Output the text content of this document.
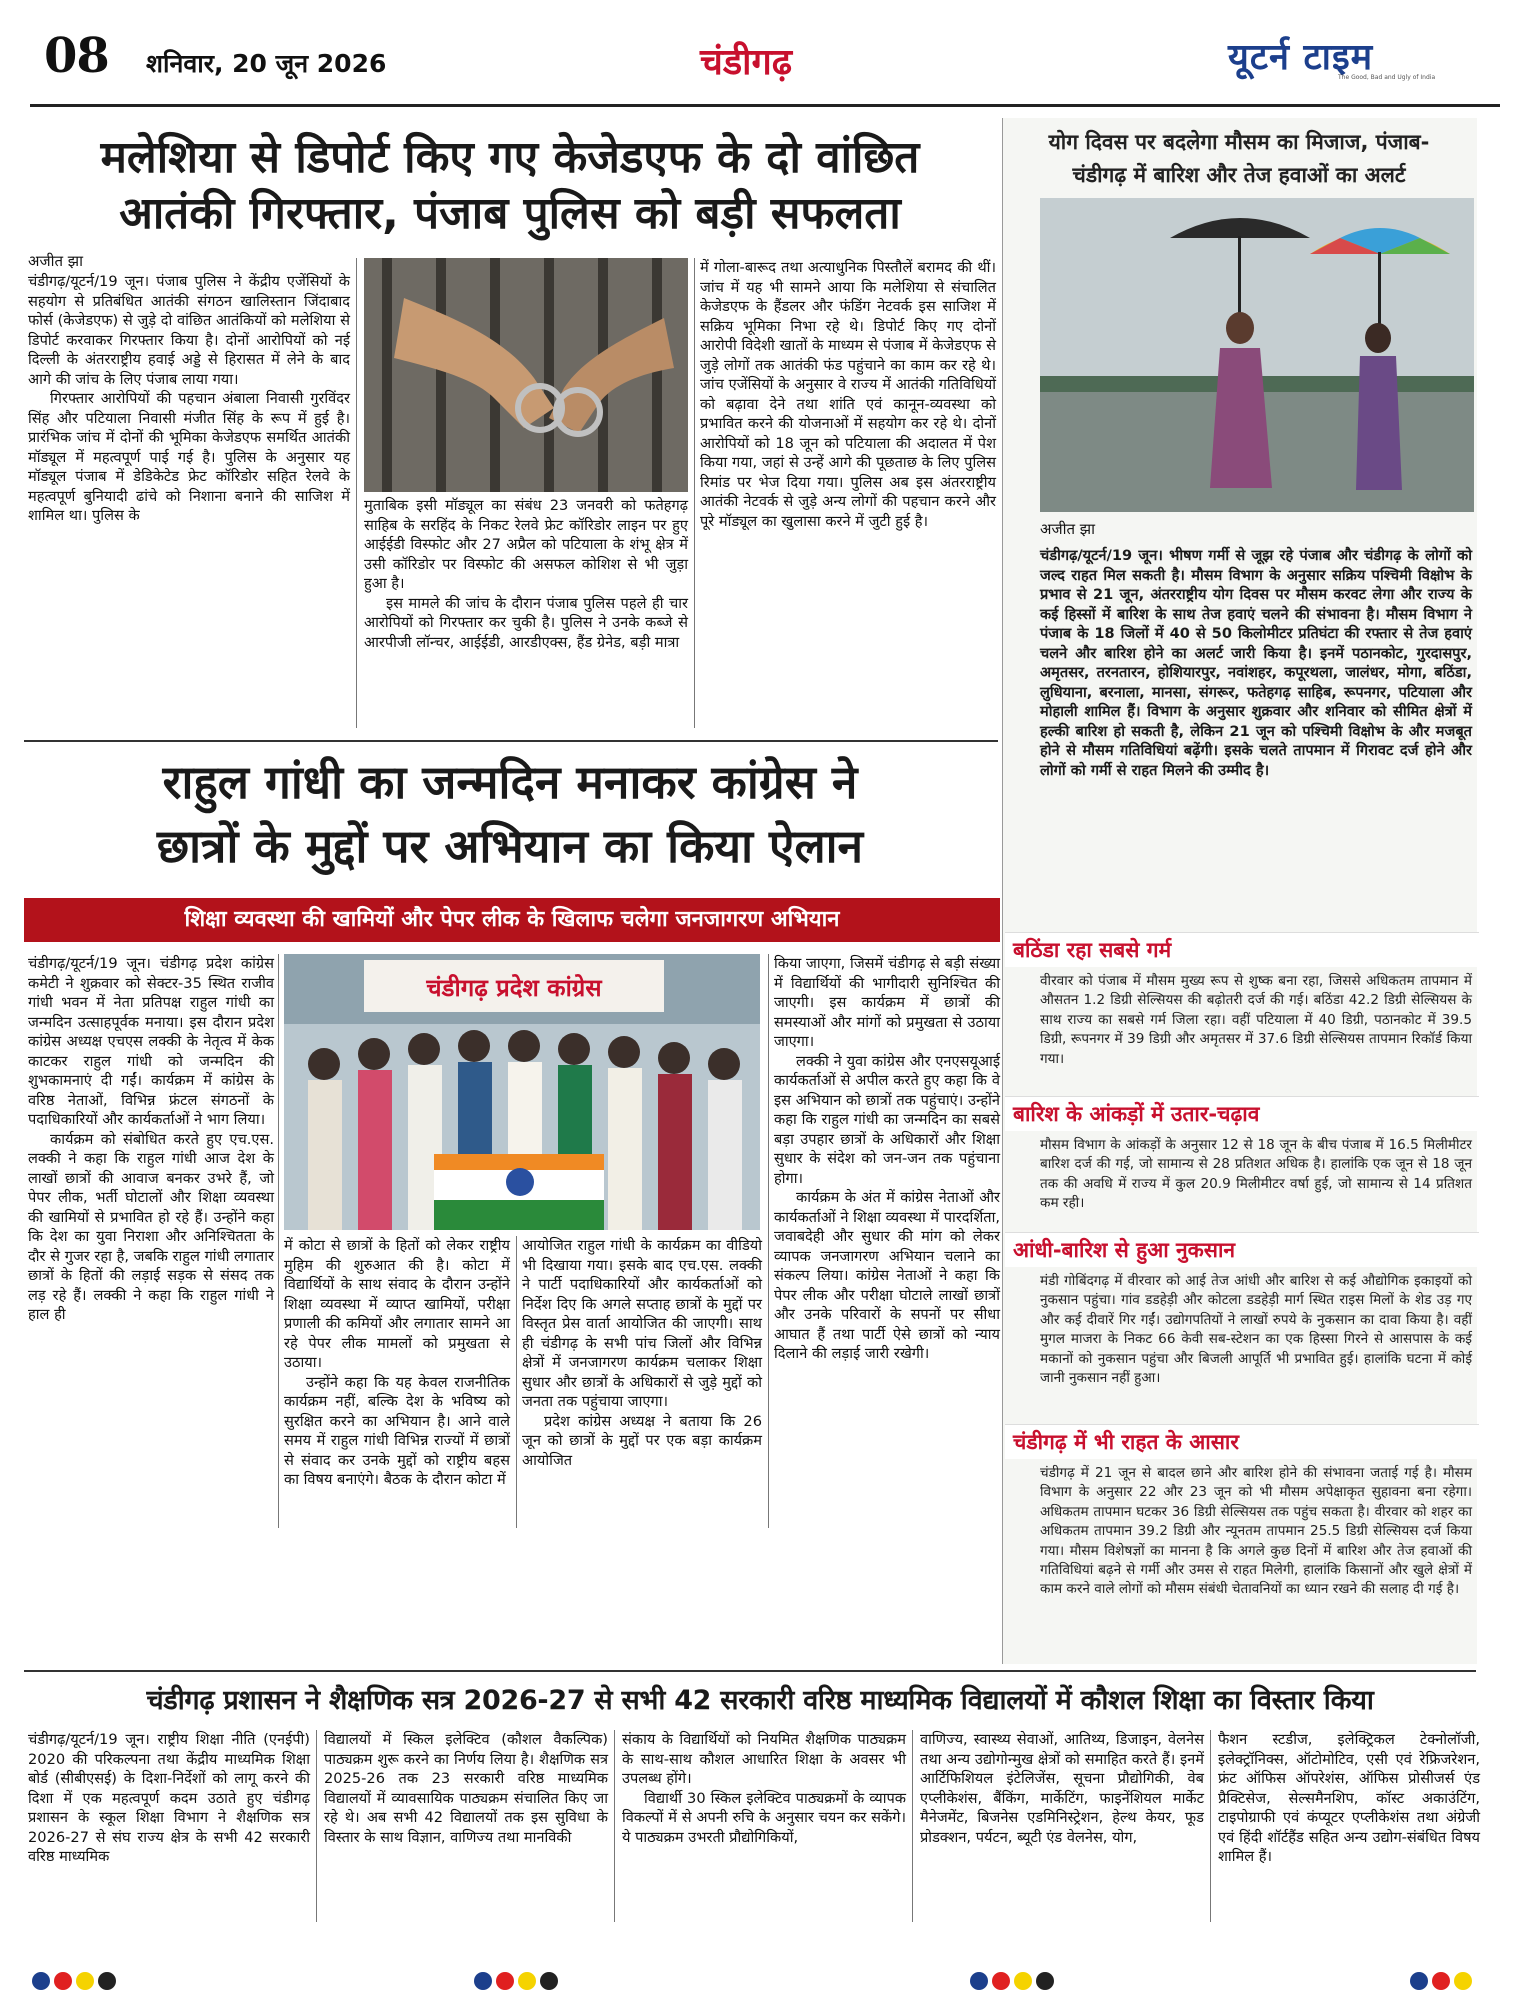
08 शनिवार, 20 जून 2026	चंडीगढ़	यूटर्न टाइम
The Good, Bad and Ugly of India
मलेशिया से डिपोर्ट किए गए केजेडएफ के दो वांछित
आतंकी गिरफ्तार, पंजाब पुलिस को बड़ी सफलता
अजीत झा

चंडीगढ़/यूटर्न/19 जून। पंजाब पुलिस ने केंद्रीय एजेंसियों के सहयोग से प्रतिबंधित आतंकी संगठन खालिस्तान जिंदाबाद फोर्स (केजेडएफ) से जुड़े दो वांछित आतंकियों को मलेशिया से डिपोर्ट करवाकर गिरफ्तार किया है। दोनों आरोपियों को नई दिल्ली के अंतरराष्ट्रीय हवाई अड्डे से हिरासत में लेने के बाद आगे की जांच के लिए पंजाब लाया गया।

गिरफ्तार आरोपियों की पहचान अंबाला निवासी गुरविंदर सिंह और पटियाला निवासी मंजीत सिंह के रूप में हुई है। प्रारंभिक जांच में दोनों की भूमिका केजेडएफ समर्थित आतंकी मॉड्यूल में महत्वपूर्ण पाई गई है। पुलिस के अनुसार यह मॉड्यूल पंजाब में डेडिकेटेड फ्रेट कॉरिडोर सहित रेलवे के महत्वपूर्ण बुनियादी ढांचे को निशाना बनाने की साजिश में शामिल था। पुलिस के

मुताबिक इसी मॉड्यूल का संबंध 23 जनवरी को फतेहगढ़ साहिब के सरहिंद के निकट रेलवे फ्रेट कॉरिडोर लाइन पर हुए आईईडी विस्फोट और 27 अप्रैल को पटियाला के शंभू क्षेत्र में उसी कॉरिडोर पर विस्फोट की असफल कोशिश से भी जुड़ा हुआ है।

इस मामले की जांच के दौरान पंजाब पुलिस पहले ही चार आरोपियों को गिरफ्तार कर चुकी है। पुलिस ने उनके कब्जे से आरपीजी लॉन्चर, आईईडी, आरडीएक्स, हैंड ग्रेनेड, बड़ी मात्रा

में गोला-बारूद तथा अत्याधुनिक पिस्तौलें बरामद की थीं। जांच में यह भी सामने आया कि मलेशिया से संचालित केजेडएफ के हैंडलर और फंडिंग नेटवर्क इस साजिश में सक्रिय भूमिका निभा रहे थे। डिपोर्ट किए गए दोनों आरोपी विदेशी खातों के माध्यम से पंजाब में केजेडएफ से जुड़े लोगों तक आतंकी फंड पहुंचाने का काम कर रहे थे। जांच एजेंसियों के अनुसार वे राज्य में आतंकी गतिविधियों को बढ़ावा देने तथा शांति एवं कानून-व्यवस्था को प्रभावित करने की योजनाओं में सहयोग कर रहे थे। दोनों आरोपियों को 18 जून को पटियाला की अदालत में पेश किया गया, जहां से उन्हें आगे की पूछताछ के लिए पुलिस रिमांड पर भेज दिया गया। पुलिस अब इस अंतरराष्ट्रीय आतंकी नेटवर्क से जुड़े अन्य लोगों की पहचान करने और पूरे मॉड्यूल का खुलासा करने में जुटी हुई है।

राहुल गांधी का जन्मदिन मनाकर कांग्रेस ने
छात्रों के मुद्दों पर अभियान का किया ऐलान
शिक्षा व्यवस्था की खामियों और पेपर लीक के खिलाफ चलेगा जनजागरण अभियान

चंडीगढ़/यूटर्न/19 जून। चंडीगढ़ प्रदेश कांग्रेस कमेटी ने शुक्रवार को सेक्टर-35 स्थित राजीव गांधी भवन में नेता प्रतिपक्ष राहुल गांधी का जन्मदिन उत्साहपूर्वक मनाया। इस दौरान प्रदेश कांग्रेस अध्यक्ष एचएस लक्की के नेतृत्व में केक काटकर राहुल गांधी को जन्मदिन की शुभकामनाएं दी गईं। कार्यक्रम में कांग्रेस के वरिष्ठ नेताओं, विभिन्न फ्रंटल संगठनों के पदाधिकारियों और कार्यकर्ताओं ने भाग लिया।

कार्यक्रम को संबोधित करते हुए एच.एस. लक्की ने कहा कि राहुल गांधी आज देश के लाखों छात्रों की आवाज बनकर उभरे हैं, जो पेपर लीक, भर्ती घोटालों और शिक्षा व्यवस्था की खामियों से प्रभावित हो रहे हैं। उन्होंने कहा कि देश का युवा निराशा और अनिश्चितता के दौर से गुजर रहा है, जबकि राहुल गांधी लगातार छात्रों के हितों की लड़ाई सड़क से संसद तक लड़ रहे हैं। लक्की ने कहा कि राहुल गांधी ने हाल ही

चंडीगढ़ प्रदेश कांग्रेस

में कोटा से छात्रों के हितों को लेकर राष्ट्रीय मुहिम की शुरुआत की है। कोटा में विद्यार्थियों के साथ संवाद के दौरान उन्होंने शिक्षा व्यवस्था में व्याप्त खामियों, परीक्षा प्रणाली की कमियों और लगातार सामने आ रहे पेपर लीक मामलों को प्रमुखता से उठाया।

उन्होंने कहा कि यह केवल राजनीतिक कार्यक्रम नहीं, बल्कि देश के भविष्य को सुरक्षित करने का अभियान है। आने वाले समय में राहुल गांधी विभिन्न राज्यों में छात्रों से संवाद कर उनके मुद्दों को राष्ट्रीय बहस का विषय बनाएंगे। बैठक के दौरान कोटा में

आयोजित राहुल गांधी के कार्यक्रम का वीडियो भी दिखाया गया। इसके बाद एच.एस. लक्की ने पार्टी पदाधिकारियों और कार्यकर्ताओं को निर्देश दिए कि अगले सप्ताह छात्रों के मुद्दों पर विस्तृत प्रेस वार्ता आयोजित की जाएगी। साथ ही चंडीगढ़ के सभी पांच जिलों और विभिन्न क्षेत्रों में जनजागरण कार्यक्रम चलाकर शिक्षा सुधार और छात्रों के अधिकारों से जुड़े मुद्दों को जनता तक पहुंचाया जाएगा।

प्रदेश कांग्रेस अध्यक्ष ने बताया कि 26 जून को छात्रों के मुद्दों पर एक बड़ा कार्यक्रम आयोजित

किया जाएगा, जिसमें चंडीगढ़ से बड़ी संख्या में विद्यार्थियों की भागीदारी सुनिश्चित की जाएगी। इस कार्यक्रम में छात्रों की समस्याओं और मांगों को प्रमुखता से उठाया जाएगा।

लक्की ने युवा कांग्रेस और एनएसयूआई कार्यकर्ताओं से अपील करते हुए कहा कि वे इस अभियान को छात्रों तक पहुंचाएं। उन्होंने कहा कि राहुल गांधी का जन्मदिन का सबसे बड़ा उपहार छात्रों के अधिकारों और शिक्षा सुधार के संदेश को जन-जन तक पहुंचाना होगा।

कार्यक्रम के अंत में कांग्रेस नेताओं और कार्यकर्ताओं ने शिक्षा व्यवस्था में पारदर्शिता, जवाबदेही और सुधार की मांग को लेकर व्यापक जनजागरण अभियान चलाने का संकल्प लिया। कांग्रेस नेताओं ने कहा कि पेपर लीक और परीक्षा घोटाले लाखों छात्रों और उनके परिवारों के सपनों पर सीधा आघात हैं तथा पार्टी ऐसे छात्रों को न्याय दिलाने की लड़ाई जारी रखेगी।

योग दिवस पर बदलेगा मौसम का मिजाज, पंजाब-
चंडीगढ़ में बारिश और तेज हवाओं का अलर्ट
अजीत झा

चंडीगढ़/यूटर्न/19 जून। भीषण गर्मी से जूझ रहे पंजाब और चंडीगढ़ के लोगों को जल्द राहत मिल सकती है। मौसम विभाग के अनुसार सक्रिय पश्चिमी विक्षोभ के प्रभाव से 21 जून, अंतरराष्ट्रीय योग दिवस पर मौसम करवट लेगा और राज्य के कई हिस्सों में बारिश के साथ तेज हवाएं चलने की संभावना है। मौसम विभाग ने पंजाब के 18 जिलों में 40 से 50 किलोमीटर प्रतिघंटा की रफ्तार से तेज हवाएं चलने और बारिश होने का अलर्ट जारी किया है। इनमें पठानकोट, गुरदासपुर, अमृतसर, तरनतारन, होशियारपुर, नवांशहर, कपूरथला, जालंधर, मोगा, बठिंडा, लुधियाना, बरनाला, मानसा, संगरूर, फतेहगढ़ साहिब, रूपनगर, पटियाला और मोहाली शामिल हैं। विभाग के अनुसार शुक्रवार और शनिवार को सीमित क्षेत्रों में हल्की बारिश हो सकती है, लेकिन 21 जून को पश्चिमी विक्षोभ के और मजबूत होने से मौसम गतिविधियां बढ़ेंगी। इसके चलते तापमान में गिरावट दर्ज होने और लोगों को गर्मी से राहत मिलने की उम्मीद है।

बठिंडा रहा सबसे गर्म
वीरवार को पंजाब में मौसम मुख्य रूप से शुष्क बना रहा, जिससे अधिकतम तापमान में औसतन 1.2 डिग्री सेल्सियस की बढ़ोतरी दर्ज की गई। बठिंडा 42.2 डिग्री सेल्सियस के साथ राज्य का सबसे गर्म जिला रहा। वहीं पटियाला में 40 डिग्री, पठानकोट में 39.5 डिग्री, रूपनगर में 39 डिग्री और अमृतसर में 37.6 डिग्री सेल्सियस तापमान रिकॉर्ड किया गया।
बारिश के आंकड़ों में उतार-चढ़ाव
मौसम विभाग के आंकड़ों के अनुसार 12 से 18 जून के बीच पंजाब में 16.5 मिलीमीटर बारिश दर्ज की गई, जो सामान्य से 28 प्रतिशत अधिक है। हालांकि एक जून से 18 जून तक की अवधि में राज्य में कुल 20.9 मिलीमीटर वर्षा हुई, जो सामान्य से 14 प्रतिशत कम रही।
आंधी-बारिश से हुआ नुकसान
मंडी गोबिंदगढ़ में वीरवार को आई तेज आंधी और बारिश से कई औद्योगिक इकाइयों को नुकसान पहुंचा। गांव डडहेड़ी और कोटला डडहेड़ी मार्ग स्थित राइस मिलों के शेड उड़ गए और कई दीवारें गिर गईं। उद्योगपतियों ने लाखों रुपये के नुकसान का दावा किया है। वहीं मुगल माजरा के निकट 66 केवी सब-स्टेशन का एक हिस्सा गिरने से आसपास के कई मकानों को नुकसान पहुंचा और बिजली आपूर्ति भी प्रभावित हुई। हालांकि घटना में कोई जानी नुकसान नहीं हुआ।
चंडीगढ़ में भी राहत के आसार
चंडीगढ़ में 21 जून से बादल छाने और बारिश होने की संभावना जताई गई है। मौसम विभाग के अनुसार 22 और 23 जून को भी मौसम अपेक्षाकृत सुहावना बना रहेगा। अधिकतम तापमान घटकर 36 डिग्री सेल्सियस तक पहुंच सकता है। वीरवार को शहर का अधिकतम तापमान 39.2 डिग्री और न्यूनतम तापमान 25.5 डिग्री सेल्सियस दर्ज किया गया। मौसम विशेषज्ञों का मानना है कि अगले कुछ दिनों में बारिश और तेज हवाओं की गतिविधियां बढ़ने से गर्मी और उमस से राहत मिलेगी, हालांकि किसानों और खुले क्षेत्रों में काम करने वाले लोगों को मौसम संबंधी चेतावनियों का ध्यान रखने की सलाह दी गई है।
चंडीगढ़ प्रशासन ने शैक्षणिक सत्र 2026-27 से सभी 42 सरकारी वरिष्ठ माध्यमिक विद्यालयों में कौशल शिक्षा का विस्तार किया
चंडीगढ़/यूटर्न/19 जून। राष्ट्रीय शिक्षा नीति (एनईपी) 2020 की परिकल्पना तथा केंद्रीय माध्यमिक शिक्षा बोर्ड (सीबीएसई) के दिशा-निर्देशों को लागू करने की दिशा में एक महत्वपूर्ण कदम उठाते हुए चंडीगढ़ प्रशासन के स्कूल शिक्षा विभाग ने शैक्षणिक सत्र 2026-27 से संघ राज्य क्षेत्र के सभी 42 सरकारी वरिष्ठ माध्यमिक
विद्यालयों में स्किल इलेक्टिव (कौशल वैकल्पिक) पाठ्यक्रम शुरू करने का निर्णय लिया है। शैक्षणिक सत्र 2025-26 तक 23 सरकारी वरिष्ठ माध्यमिक विद्यालयों में व्यावसायिक पाठ्यक्रम संचालित किए जा रहे थे। अब सभी 42 विद्यालयों तक इस सुविधा के विस्तार के साथ विज्ञान, वाणिज्य तथा मानविकी

संकाय के विद्यार्थियों को नियमित शैक्षणिक पाठ्यक्रम के साथ-साथ कौशल आधारित शिक्षा के अवसर भी उपलब्ध होंगे।

विद्यार्थी 30 स्किल इलेक्टिव पाठ्यक्रमों के व्यापक विकल्पों में से अपनी रुचि के अनुसार चयन कर सकेंगे। ये पाठ्यक्रम उभरती प्रौद्योगिकियों,

वाणिज्य, स्वास्थ्य सेवाओं, आतिथ्य, डिजाइन, वेलनेस तथा अन्य उद्योगोन्मुख क्षेत्रों को समाहित करते हैं। इनमें आर्टिफिशियल इंटेलिजेंस, सूचना प्रौद्योगिकी, वेब एप्लीकेशंस, बैंकिंग, मार्केटिंग, फाइनेंशियल मार्केट मैनेजमेंट, बिजनेस एडमिनिस्ट्रेशन, हेल्थ केयर, फूड प्रोडक्शन, पर्यटन, ब्यूटी एंड वेलनेस, योग,
फैशन स्टडीज, इलेक्ट्रिकल टेक्नोलॉजी, इलेक्ट्रॉनिक्स, ऑटोमोटिव, एसी एवं रेफ्रिजरेशन, फ्रंट ऑफिस ऑपरेशंस, ऑफिस प्रोसीजर्स एंड प्रैक्टिसेज, सेल्समैनशिप, कॉस्ट अकाउंटिंग, टाइपोग्राफी एवं कंप्यूटर एप्लीकेशंस तथा अंग्रेजी एवं हिंदी शॉर्टहैंड सहित अन्य उद्योग-संबंधित विषय शामिल हैं।
